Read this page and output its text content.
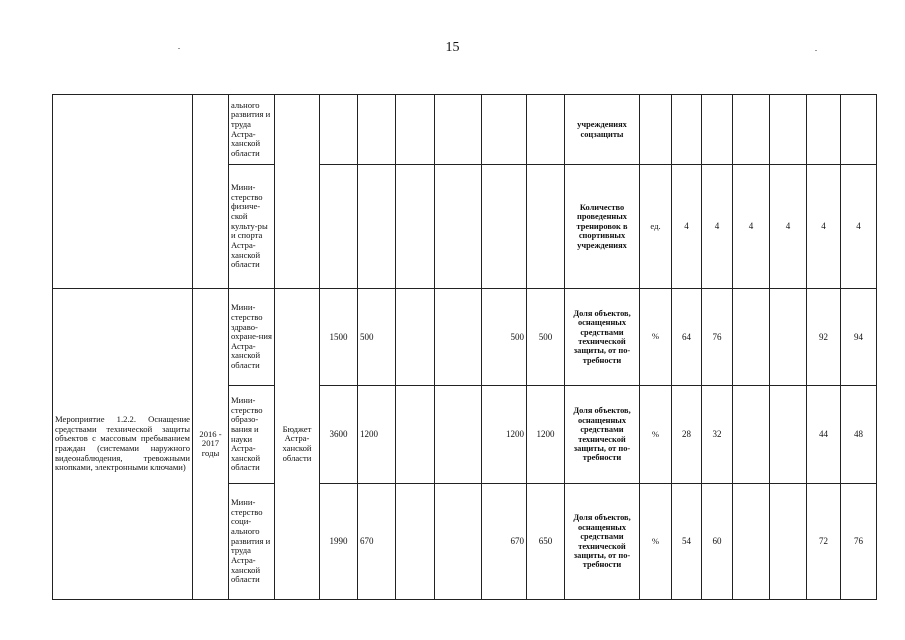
15
		ального развития и труда Астра-ханской области								учреждениях соцзащиты							
		Мини-стерство физиче-ской культу-ры и спорта Астра-ханской области								Количество проведенных тренировок в спортивных учреждениях	ед.	4	4	4	4	4	4
Мероприятие 1.2.2. Оснащение средствами технической защиты объектов с массовым пребыванием граждан (системами наружного видеонаблюдения, тревожными кнопками, электронными ключами)	2016 - 2017 годы	Мини-стерство здраво-охране-ния Астра-ханской области	Бюджет Астра-ханской области	1500	500			500	500	Доля объектов, оснащенных средствами технической защиты, от по-требности	%	64	76			92	94
		Мини-стерство образо-вания и науки Астра-ханской области		3600	1200			1200	1200	Доля объектов, оснащенных средствами технической защиты, от по-требности	%	28	32			44	48
		Мини-стерство соци-ального развития и труда Астра-ханской области		1990	670			670	650	Доля объектов, оснащенных средствами технической защиты, от по-требности	%	54	60			72	76
